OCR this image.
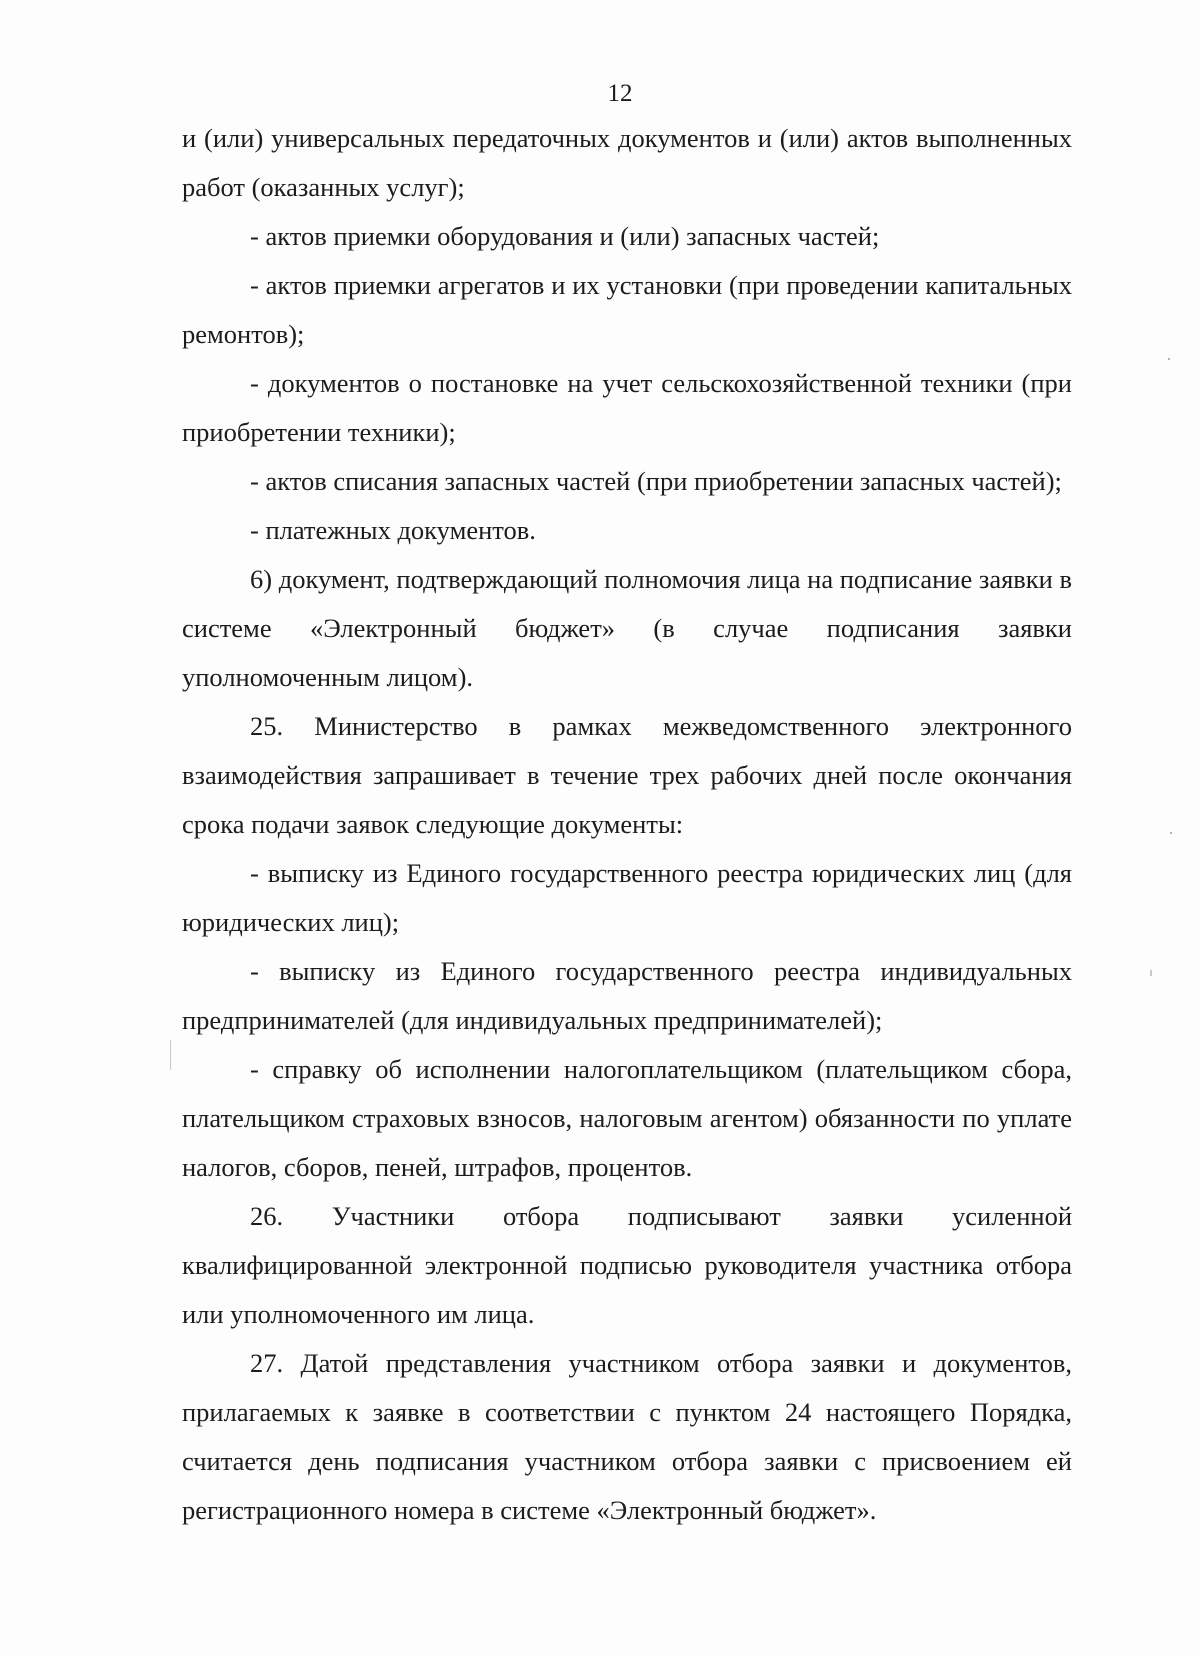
12

и (или) универсальных передаточных документов и (или) актов выполненных работ (оказанных услуг);

- актов приемки оборудования и (или) запасных частей;

- актов приемки агрегатов и их установки (при проведении капитальных ремонтов);

- документов о постановке на учет сельскохозяйственной техники (при приобретении техники);

- актов списания запасных частей (при приобретении запасных частей);

- платежных документов.

6) документ, подтверждающий полномочия лица на подписание заявки в системе «Электронный бюджет» (в случае подписания заявки уполномоченным лицом).

25. Министерство в рамках межведомственного электронного взаимодействия запрашивает в течение трех рабочих дней после окончания срока подачи заявок следующие документы:

- выписку из Единого государственного реестра юридических лиц (для юридических лиц);

- выписку из Единого государственного реестра индивидуальных предпринимателей (для индивидуальных предпринимателей);

- справку об исполнении налогоплательщиком (плательщиком сбора, плательщиком страховых взносов, налоговым агентом) обязанности по уплате налогов, сборов, пеней, штрафов, процентов.

26. Участники отбора подписывают заявки усиленной квалифицированной электронной подписью руководителя участника отбора или уполномоченного им лица.

27. Датой представления участником отбора заявки и документов, прилагаемых к заявке в соответствии с пунктом 24 настоящего Порядка, считается день подписания участником отбора заявки с присвоением ей регистрационного номера в системе «Электронный бюджет».
